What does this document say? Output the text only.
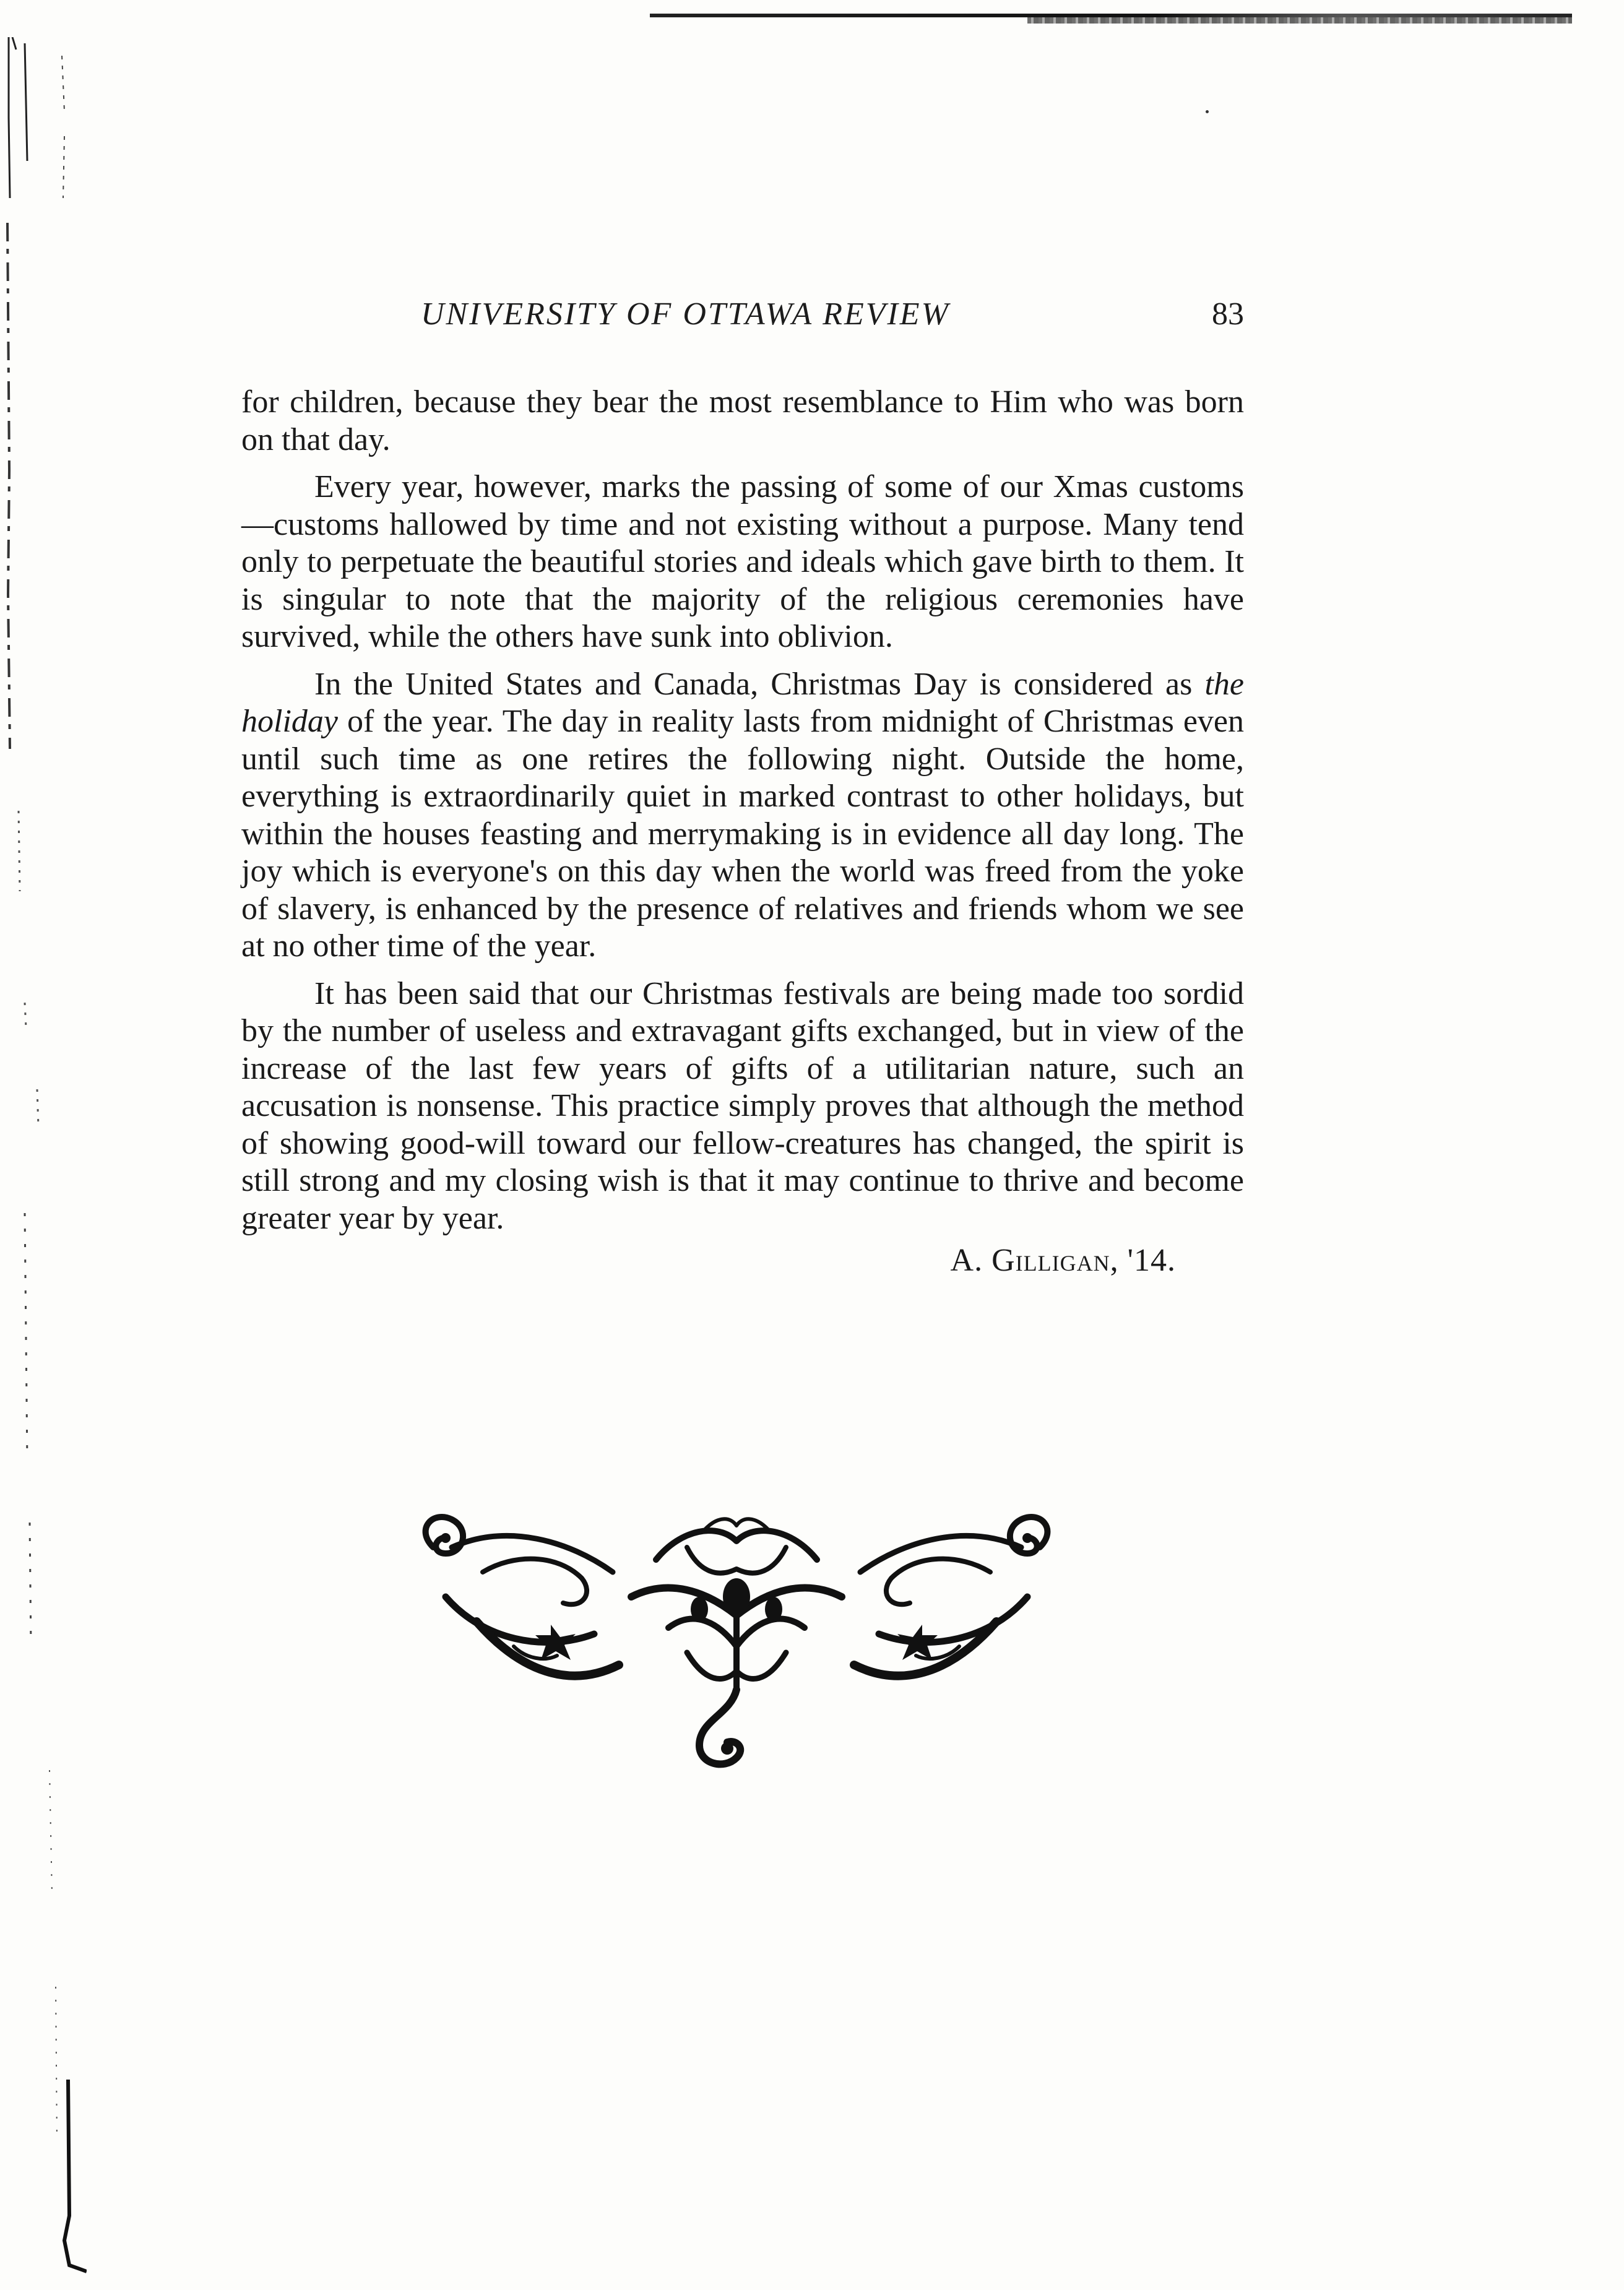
UNIVERSITY OF OTTAWA REVIEW	83

for children, because they bear the most resemblance to Him who was born on that day.

Every year, however, marks the passing of some of our Xmas customs—customs hallowed by time and not existing without a purpose. Many tend only to perpetuate the beautiful stories and ideals which gave birth to them. It is singular to note that the majority of the religious ceremonies have survived, while the others have sunk into oblivion.

In the United States and Canada, Christmas Day is considered as the holiday of the year. The day in reality lasts from midnight of Christmas even until such time as one retires the following night. Outside the home, everything is extraordinarily quiet in marked contrast to other holidays, but within the houses feasting and merrymaking is in evidence all day long. The joy which is everyone's on this day when the world was freed from the yoke of slavery, is enhanced by the presence of relatives and friends whom we see at no other time of the year.

It has been said that our Christmas festivals are being made too sordid by the number of useless and extravagant gifts exchanged, but in view of the increase of the last few years of gifts of a utilitarian nature, such an accusation is nonsense. This practice simply proves that although the method of showing good-will toward our fellow-creatures has changed, the spirit is still strong and my closing wish is that it may continue to thrive and become greater year by year.

A. Gilligan, '14.
